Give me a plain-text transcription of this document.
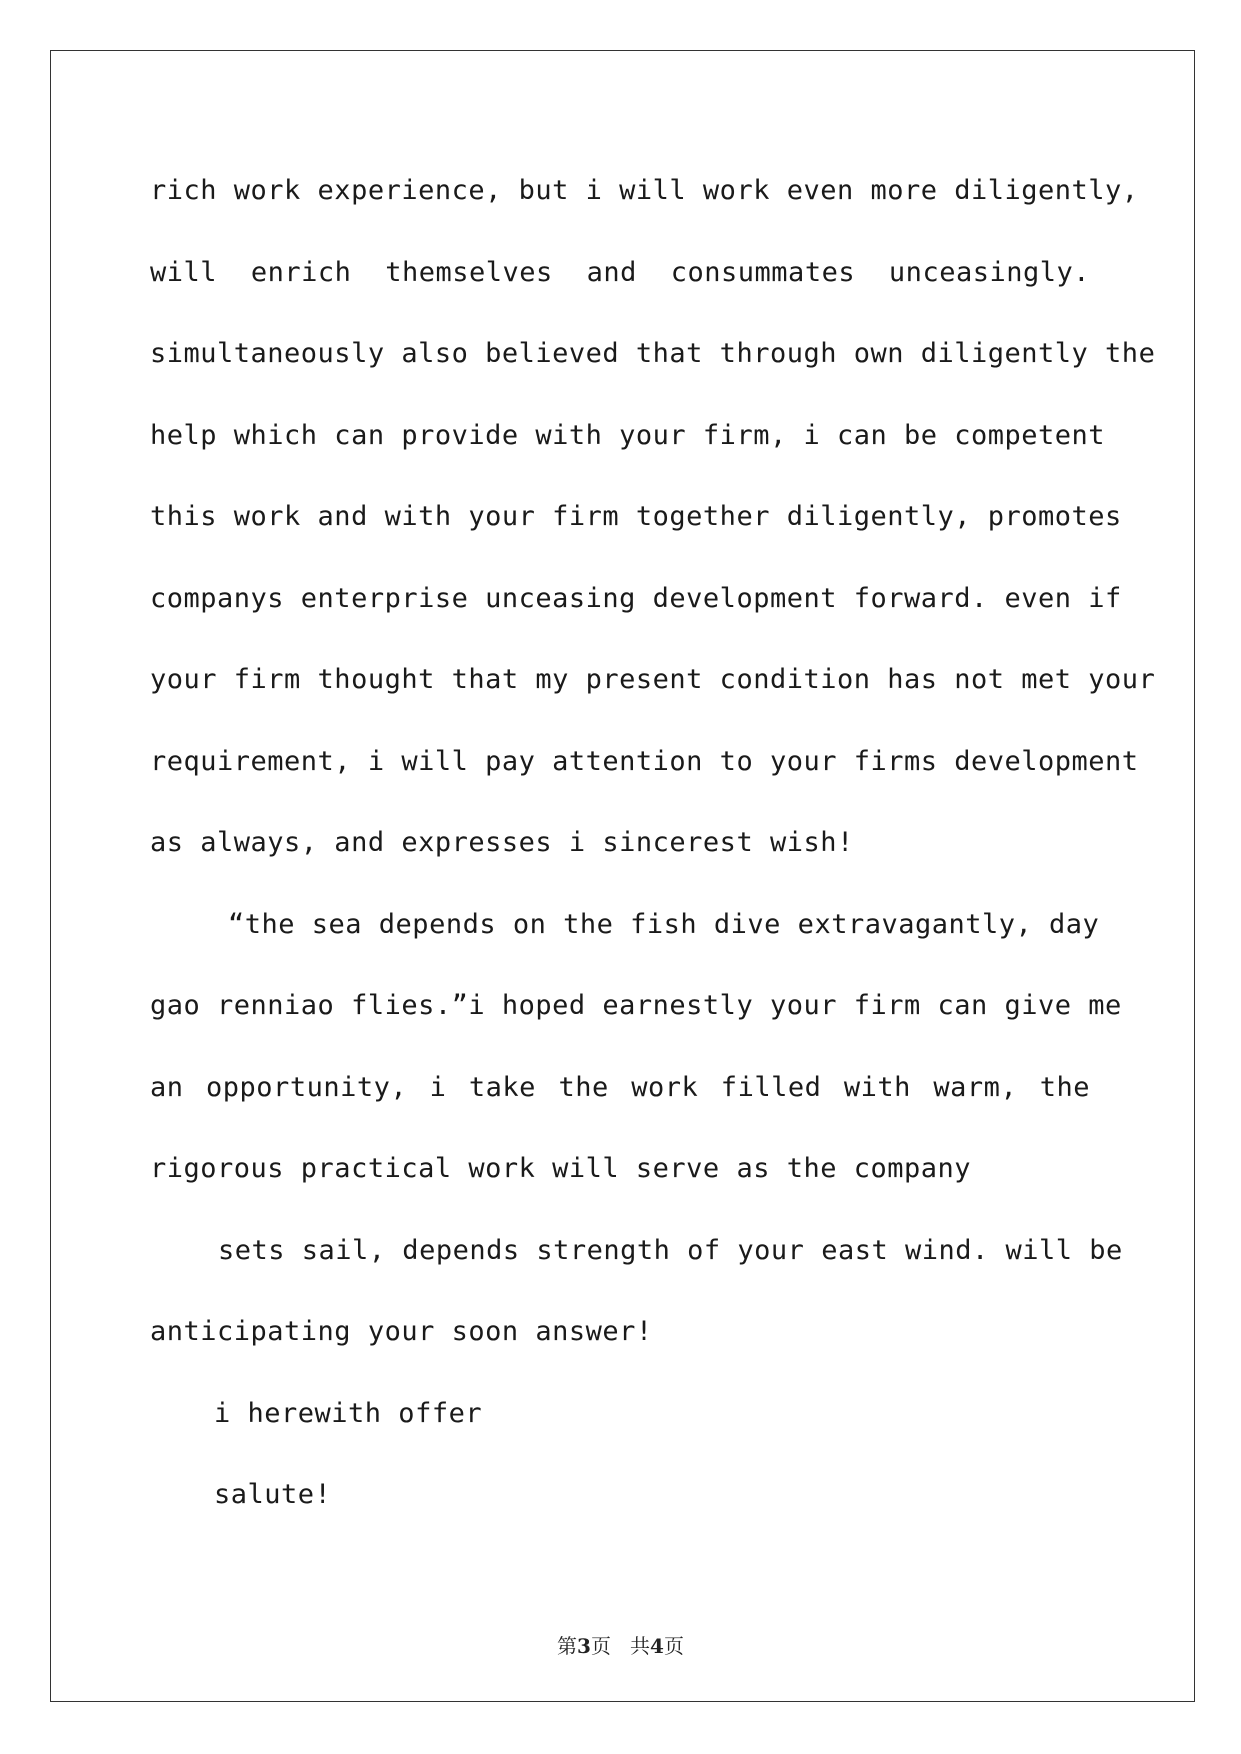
rich work experience, but i will work even more diligently,
will enrich themselves and consummates unceasingly.
simultaneously also believed that through own diligently the
help which can provide with your firm, i can be competent
this work and with your firm together diligently, promotes
companys enterprise unceasing development forward. even if
your firm thought that my present condition has not met your
requirement, i will pay attention to your firms development
as always, and expresses i sincerest wish!
“the sea depends on the fish dive extravagantly, day
gao renniao flies.”i hoped earnestly your firm can give me
an opportunity, i take the work filled with warm, the
rigorous practical work will serve as the company
sets sail, depends strength of your east wind. will be
anticipating your soon answer!
i herewith offer
salute!
第3页 共4页
